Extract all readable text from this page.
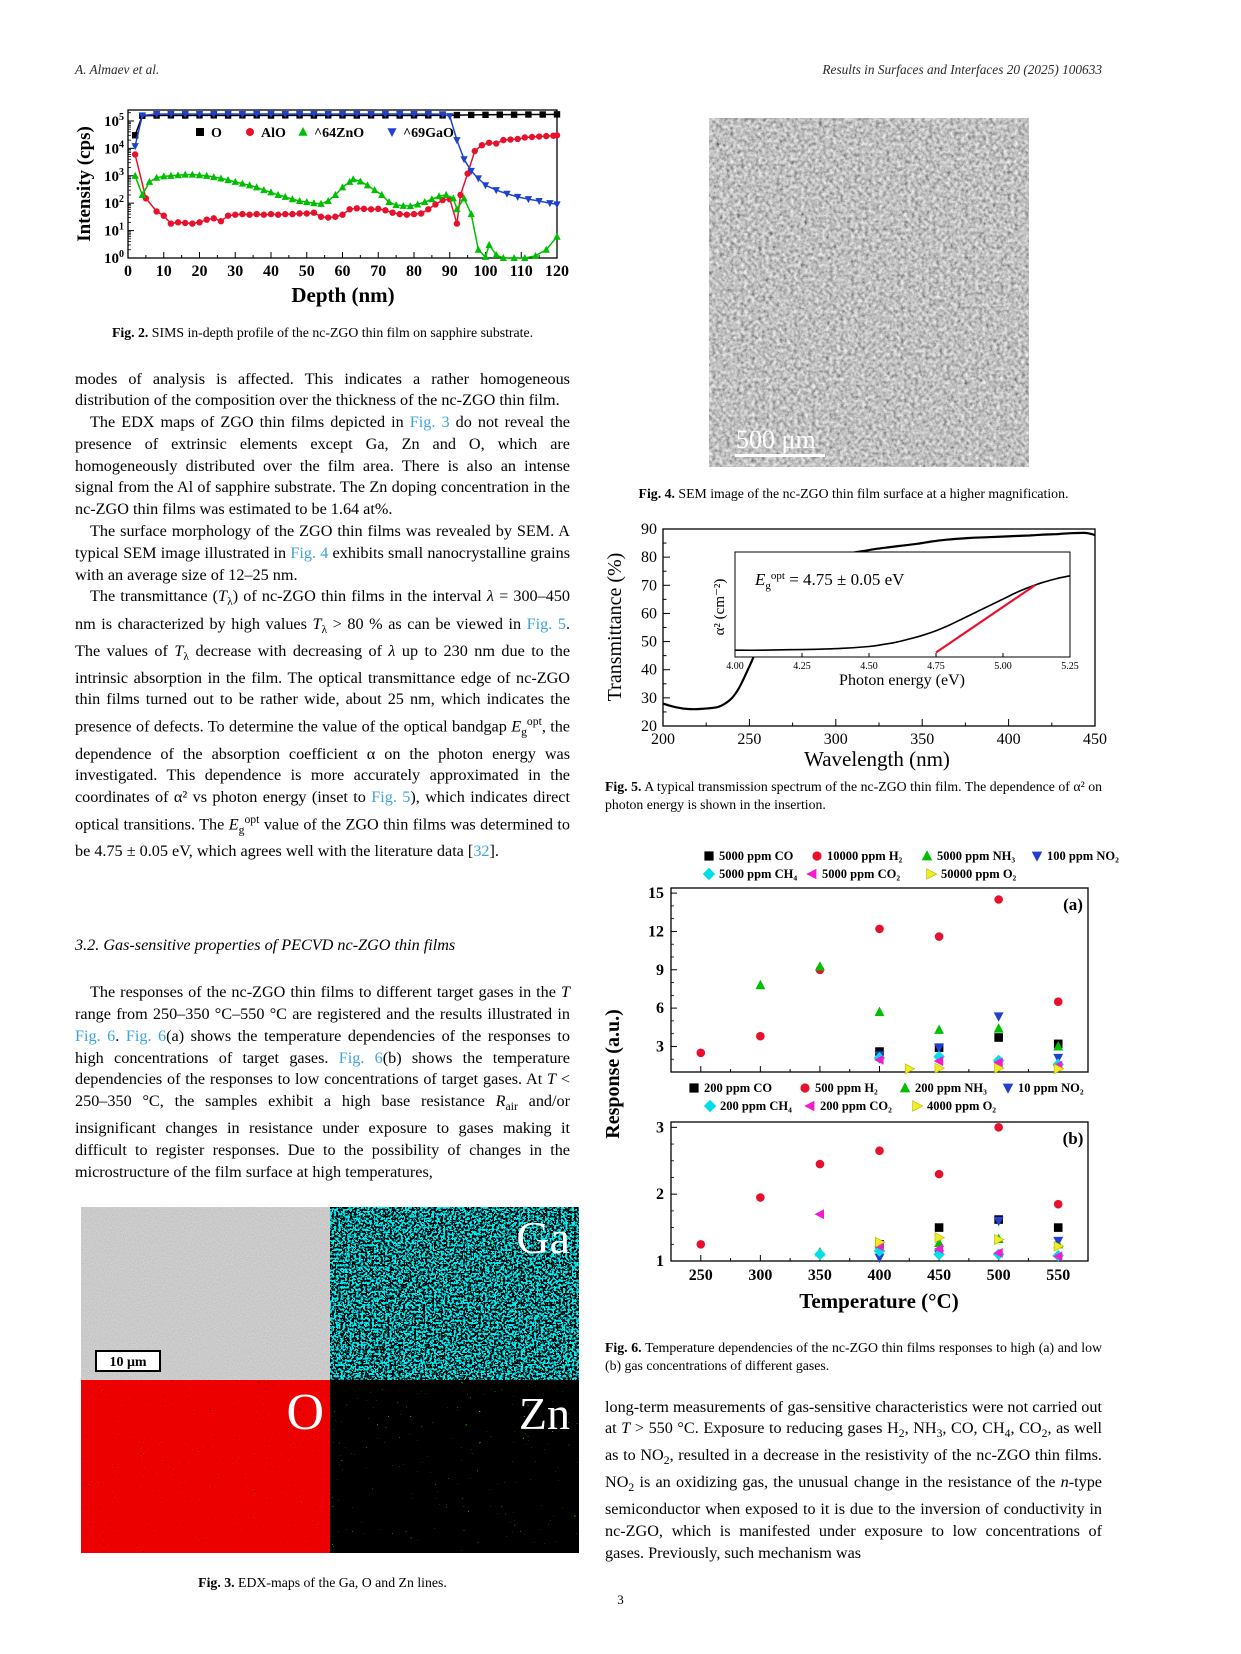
A. Almaev et al.	Results in Surfaces and Interfaces 20 (2025) 100633
0 10 20 30 40 50 60 70 80 90 100 110 120
$10^0$
$10^1$
$10^2$
$10^3$
$10^4$
$10^5$
O	AlO ^64ZnO	^69GaO
Depth (nm)
Intensity (cps)
Fig. 2. SIMS in-depth profile of the nc-ZGO thin film on sapphire substrate.

modes of analysis is affected. This indicates a rather homogeneous distribution of the composition over the thickness of the nc-ZGO thin film.

The EDX maps of ZGO thin films depicted in Fig. 3 do not reveal the presence of extrinsic elements except Ga, Zn and O, which are homogeneously distributed over the film area. There is also an intense signal from the Al of sapphire substrate. The Zn doping concentration in the nc-ZGO thin films was estimated to be 1.64 at%.

The surface morphology of the ZGO thin films was revealed by SEM. A typical SEM image illustrated in Fig. 4 exhibits small nanocrystalline grains with an average size of 12–25 nm.

The transmittance $(T_\lambda)$ of nc-ZGO thin films in the interval λ = 300–450 nm is characterized by high values $T_\lambda > 80$ % as can be viewed in Fig. 5. The values of $T_\lambda$ decrease with decreasing of λ up to 230 nm due to the intrinsic absorption in the film. The optical transmittance edge of nc-ZGO thin films turned out to be rather wide, about 25 nm, which indicates the presence of defects. To determine the value of the optical bandgap $E_g^{opt}$, the dependence of the absorption coefficient α on the photon energy was investigated. This dependence is more accurately approximated in the coordinates of α² vs photon energy (inset to Fig. 5), which indicates direct optical transitions. The $E_g^{opt}$ value of the ZGO thin films was determined to be 4.75 ± 0.05 eV, which agrees well with the literature data [32].

3.2. Gas-sensitive properties of PECVD nc-ZGO thin films

The responses of the nc-ZGO thin films to different target gases in the T range from 250–350 °C–550 °C are registered and the results illustrated in Fig. 6. Fig. 6(a) shows the temperature dependencies of the responses to high concentrations of target gases. Fig. 6(b) shows the temperature dependencies of the responses to low concentrations of target gases. At T < 250–350 °C, the samples exhibit a high base resistance $R_{air}$ and/or insignificant changes in resistance under exposure to gases making it difficult to register responses. Due to the possibility of changes in the microstructure of the film surface at high temperatures,

Ga
O	Zn
10 μm
Fig. 3. EDX-maps of the Ga, O and Zn lines.
500 μm
Fig. 4. SEM image of the nc-ZGO thin film surface at a higher magnification.
200	250	300	350	400	450
20
30
40
50
60
70
80
90
Wavelength (nm)
Transmittance (%)	4.00	4.25	4.50	4.75	5.00	5.25
Photon energy (eV)
α² (cm⁻²) $E_g^{opt} = 4.75 \pm 0.05$ eV
Fig. 5. A typical transmission spectrum of the nc-ZGO thin film. The dependence of α² on photon energy is shown in the insertion.
5000 ppm CO	10000 ppm H₂	5000 ppm NH₃	100 ppm NO₂
5000 ppm CH₄ 5000 ppm CO₂	50000 ppm O₂
3
6
9
12
15
(a)
200 ppm CO	500 ppm H₂	200 ppm NH₃ 10 ppm NO₂
200 ppm CH₄ 200 ppm CO₂	4000 ppm O₂
250 300 350 400 450 500 550
1
2
3
(b)
Temperature (°C)
Response (a.u.)
Fig. 6. Temperature dependencies of the nc-ZGO thin films responses to high (a) and low (b) gas concentrations of different gases.

long-term measurements of gas-sensitive characteristics were not carried out at T > 550 °C. Exposure to reducing gases $H_2$, $NH_3$, CO, $CH_4$, $CO_2$, as well as to $NO_2$, resulted in a decrease in the resistivity of the nc-ZGO thin films. $NO_2$ is an oxidizing gas, the unusual change in the resistance of the n-type semiconductor when exposed to it is due to the inversion of conductivity in nc-ZGO, which is manifested under exposure to low concentrations of gases. Previously, such mechanism was

3
